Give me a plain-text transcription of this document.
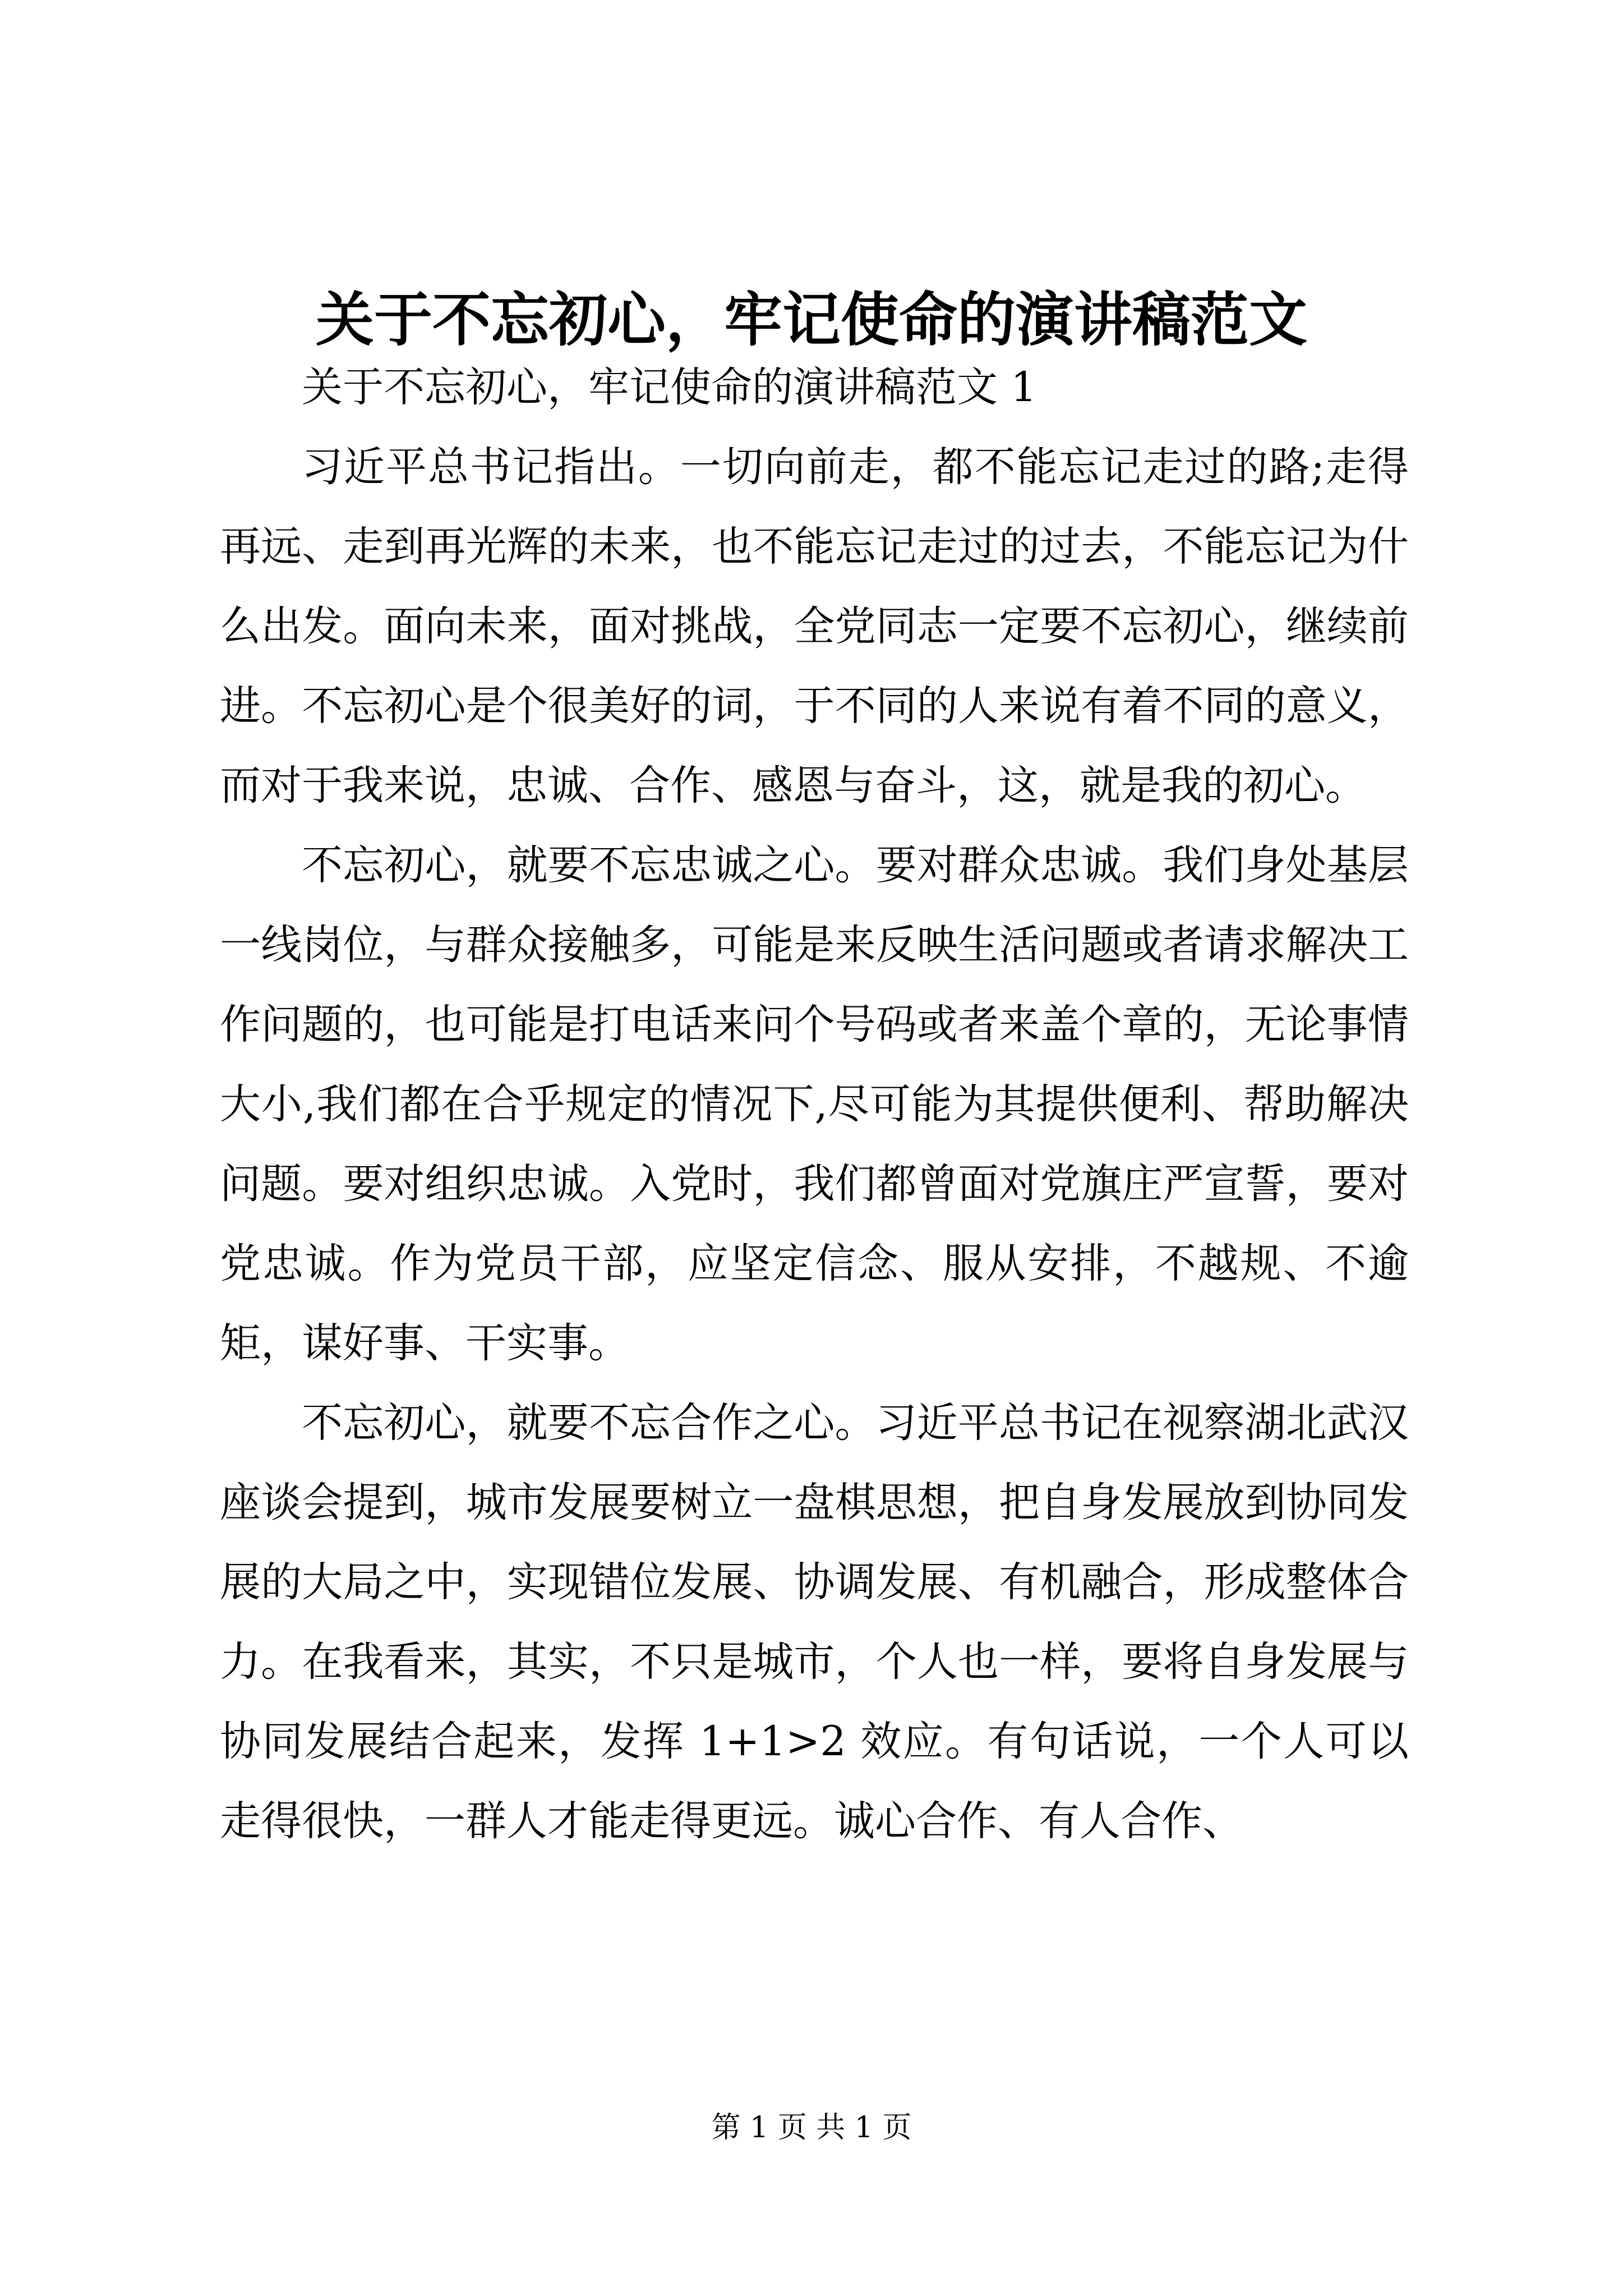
关于不忘初心，牢记使命的演讲稿范文

关于不忘初心，牢记使命的演讲稿范文 1

习近平总书记指出。一切向前走，都不能忘记走过的路;走得再远、走到再光辉的未来，也不能忘记走过的过去，不能忘记为什么出发。面向未来，面对挑战，全党同志一定要不忘初心，继续前进。不忘初心是个很美好的词，于不同的人来说有着不同的意义，而对于我来说，忠诚、合作、感恩与奋斗，这，就是我的初心。

不忘初心，就要不忘忠诚之心。要对群众忠诚。我们身处基层一线岗位，与群众接触多，可能是来反映生活问题或者请求解决工作问题的，也可能是打电话来问个号码或者来盖个章的，无论事情大小,我们都在合乎规定的情况下,尽可能为其提供便利、帮助解决问题。要对组织忠诚。入党时，我们都曾面对党旗庄严宣誓，要对党忠诚。作为党员干部，应坚定信念、服从安排，不越规、不逾矩，谋好事、干实事。

不忘初心，就要不忘合作之心。习近平总书记在视察湖北武汉座谈会提到，城市发展要树立一盘棋思想，把自身发展放到协同发展的大局之中，实现错位发展、协调发展、有机融合，形成整体合力。在我看来，其实，不只是城市，个人也一样，要将自身发展与协同发展结合起来，发挥 1+1>2 效应。有句话说，一个人可以走得很快，一群人才能走得更远。诚心合作、有人合作、

第 1 页 共 1 页
